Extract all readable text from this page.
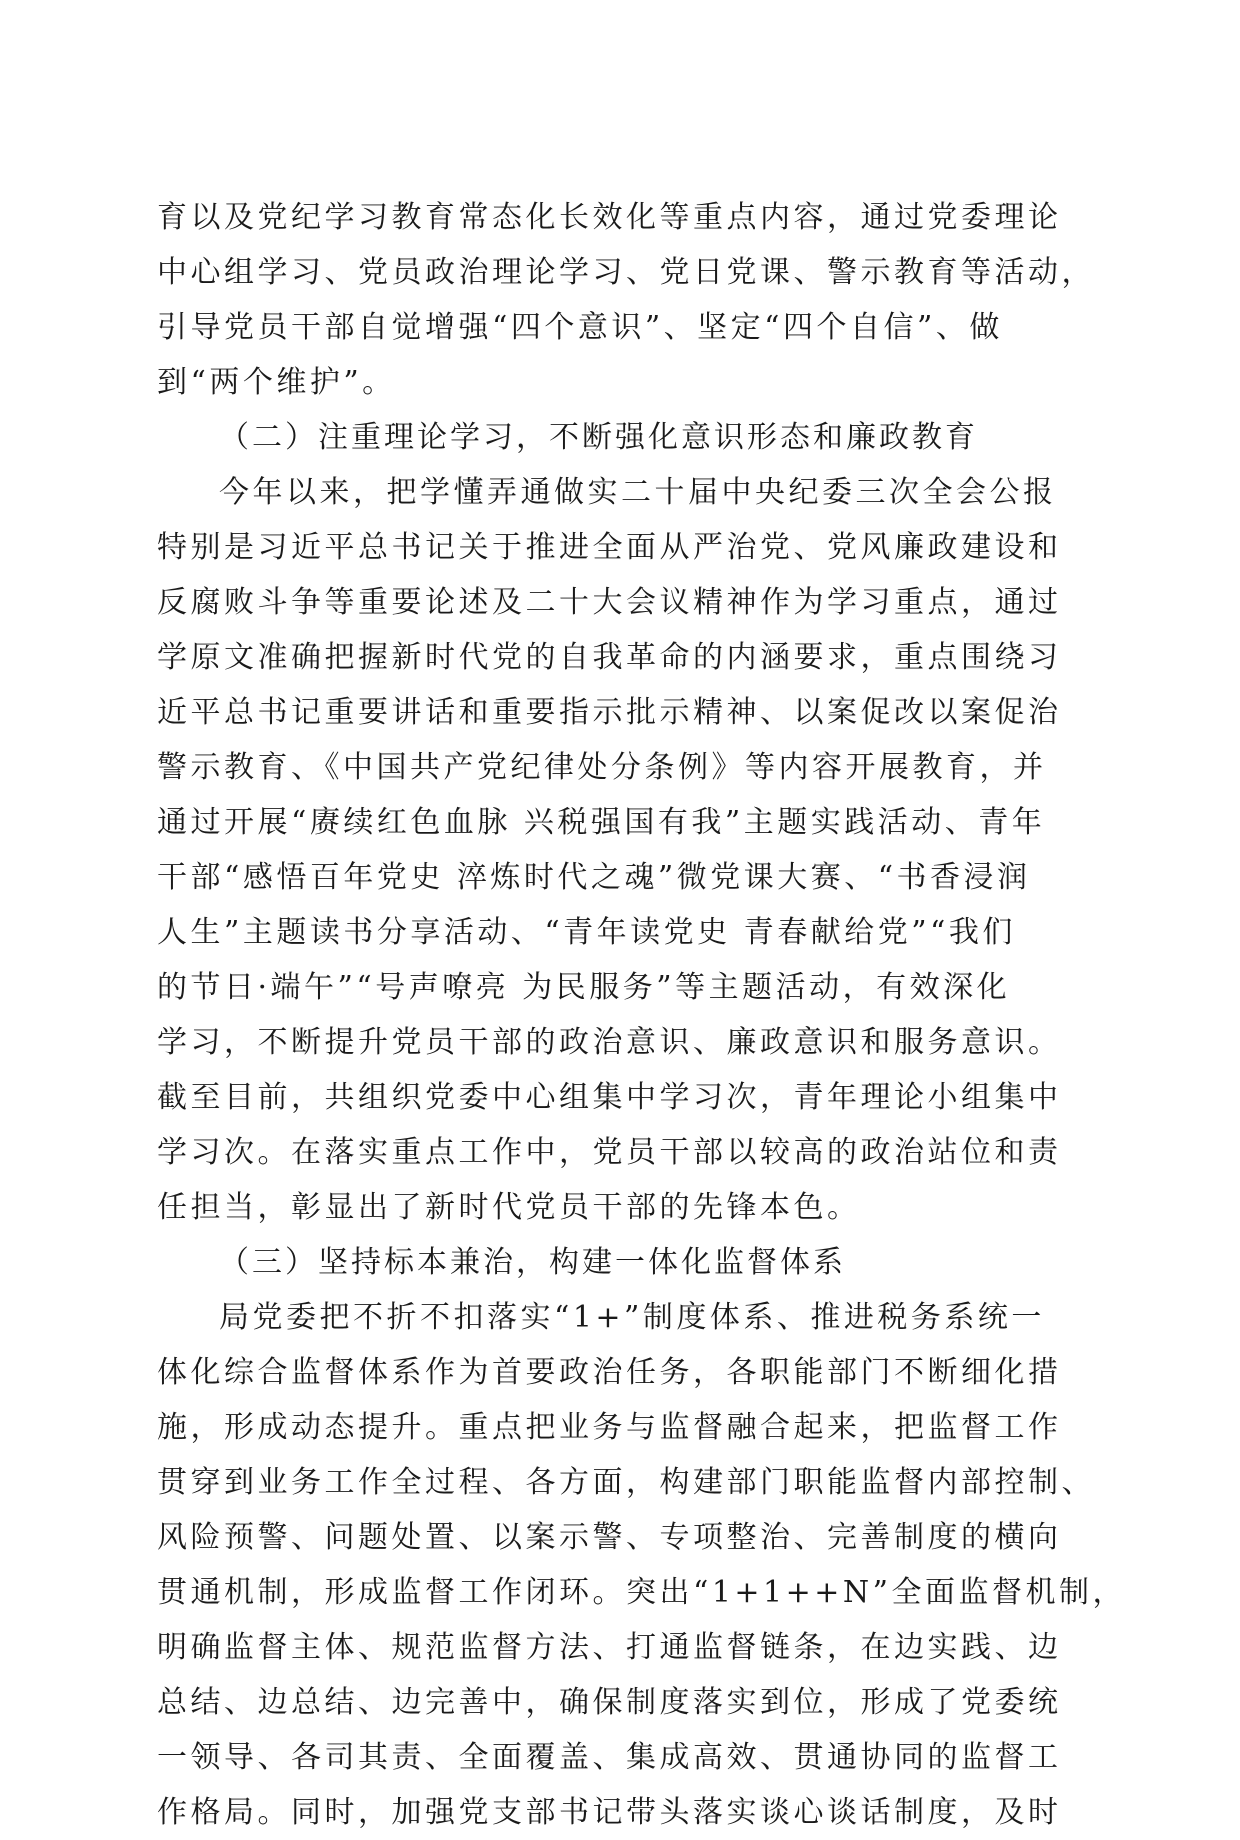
育以及党纪学习教育常态化长效化等重点内容，通过党委理论
中心组学习、党员政治理论学习、党日党课、警示教育等活动，
引导党员干部自觉增强“四个意识”、坚定“四个自信”、做
到“两个维护”。
（二）注重理论学习，不断强化意识形态和廉政教育
今年以来，把学懂弄通做实二十届中央纪委三次全会公报
特别是习近平总书记关于推进全面从严治党、党风廉政建设和
反腐败斗争等重要论述及二十大会议精神作为学习重点，通过
学原文准确把握新时代党的自我革命的内涵要求，重点围绕习
近平总书记重要讲话和重要指示批示精神、以案促改以案促治
警示教育、《中国共产党纪律处分条例》等内容开展教育，并
通过开展“赓续红色血脉 兴税强国有我”主题实践活动、青年
干部“感悟百年党史 淬炼时代之魂”微党课大赛、“书香浸润
人生”主题读书分享活动、“青年读党史 青春献给党”“我们
的节日·端午”“号声嘹亮 为民服务”等主题活动，有效深化
学习，不断提升党员干部的政治意识、廉政意识和服务意识。
截至目前，共组织党委中心组集中学习次，青年理论小组集中
学习次。在落实重点工作中，党员干部以较高的政治站位和责
任担当，彰显出了新时代党员干部的先锋本色。
（三）坚持标本兼治，构建一体化监督体系
局党委把不折不扣落实“1+”制度体系、推进税务系统一
体化综合监督体系作为首要政治任务，各职能部门不断细化措
施，形成动态提升。重点把业务与监督融合起来，把监督工作
贯穿到业务工作全过程、各方面，构建部门职能监督内部控制、
风险预警、问题处置、以案示警、专项整治、完善制度的横向
贯通机制，形成监督工作闭环。突出“1+1++N”全面监督机制，
明确监督主体、规范监督方法、打通监督链条，在边实践、边
总结、边总结、边完善中，确保制度落实到位，形成了党委统
一领导、各司其责、全面覆盖、集成高效、贯通协同的监督工
作格局。同时，加强党支部书记带头落实谈心谈话制度，及时
